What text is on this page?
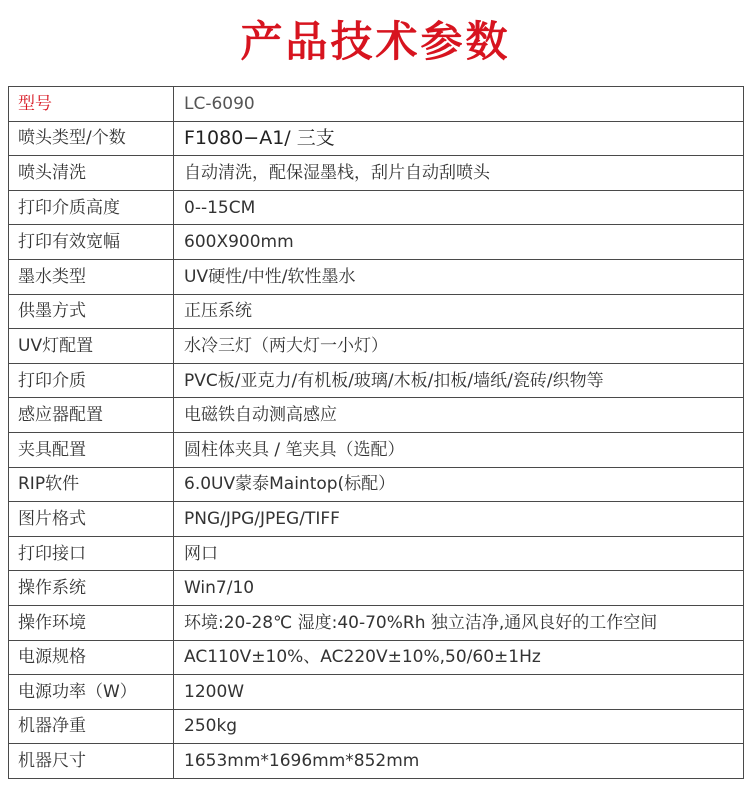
产品技术参数
型号	LC-6090
喷头类型/个数	F1080−A1/ 三支
喷头清洗	自动清洗，配保湿墨栈，刮片自动刮喷头
打印介质高度	0--15CM
打印有效宽幅	600X900mm
墨水类型	UV硬性/中性/软性墨水
供墨方式	正压系统
UV灯配置	水冷三灯（两大灯一小灯）
打印介质	PVC板/亚克力/有机板/玻璃/木板/扣板/墙纸/瓷砖/织物等
感应器配置	电磁铁自动测高感应
夹具配置	圆柱体夹具 / 笔夹具（选配）
RIP软件	6.0UV蒙泰Maintop(标配）
图片格式	PNG/JPG/JPEG/TIFF
打印接口	网口
操作系统	Win7/10
操作环境	环境:20-28℃ 湿度:40-70%Rh 独立洁净,通风良好的工作空间
电源规格	AC110V±10%、AC220V±10%,50/60±1Hz
电源功率（W）	1200W
机器净重	250kg
机器尺寸	1653mm*1696mm*852mm
